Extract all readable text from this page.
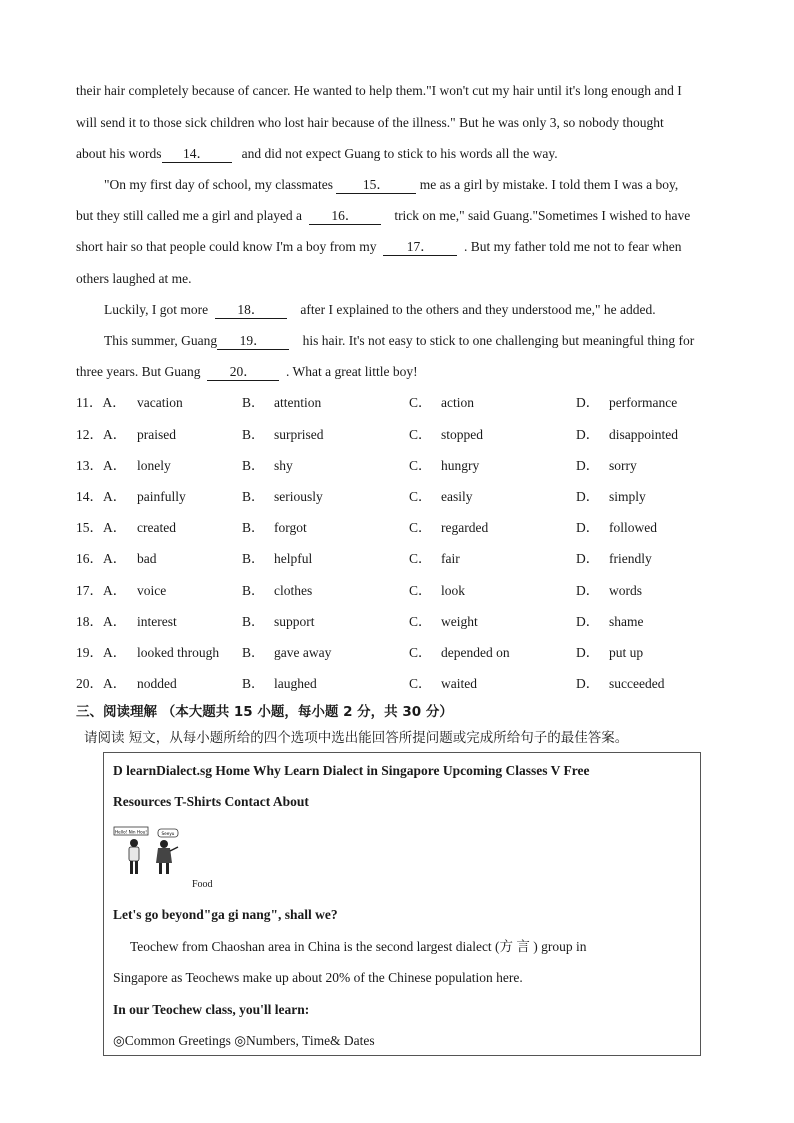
their hair completely because of cancer. He wanted to help them."I won't cut my hair until it's long enough and I
will send it to those sick children who lost hair because of the illness." But he was only 3, so nobody thought
about his words 14． and did not expect Guang to stick to his words all the way.
"On my first day of school, my classmates 15． me as a girl by mistake. I told them I was a boy,
but they still called me a girl and played a 16．	trick on me," said Guang."Sometimes I wished to have
short hair so that people could know I'm a boy from my 17． . But my father told me not to fear when
others laughed at me.
Luckily, I got more 18．	after I explained to the others and they understood me," he added.
This summer, Guang 19．	his hair. It's not easy to stick to one challenging but meaningful thing for
three years. But Guang 20． . What a great little boy!
11．A． vacation	B． attention	C． action	D． performance
12．A． praised	B． surprised	C． stopped	D． disappointed
13．A． lonely	B． shy	C． hungry	D． sorry
14．A． painfully	B． seriously	C． easily	D． simply
15．A． created	B． forgot	C． regarded	D． followed
16．A． bad	B． helpful	C． fair	D． friendly
17．A． voice	B． clothes	C． look	D． words
18．A． interest	B． support	C． weight	D． shame
19．A． looked through B． gave away	C． depended on	D． put up
20．A． nodded	B． laughed	C． waited	D． succeeded
三、阅读理解 （本大题共 15 小题，每小题 2 分，共 30 分）
请阅读 短文，从每小题所给的四个选项中选出能回答所提问题或完成所给句子的最佳答案。
D learnDialect.sg Home Why Learn Dialect in Singapore Upcoming Classes V Free
Resources T-Shirts Contact About
Hello! Nin Hou!	Seeyu
Food
Let's go beyond"ga gi nang", shall we?
Teochew from Chaoshan area in China is the second largest dialect (方 言 ) group in
Singapore as Teochews make up about 20% of the Chinese population here.
In our Teochew class, you'll learn:
◎Common Greetings ◎Numbers, Time& Dates
